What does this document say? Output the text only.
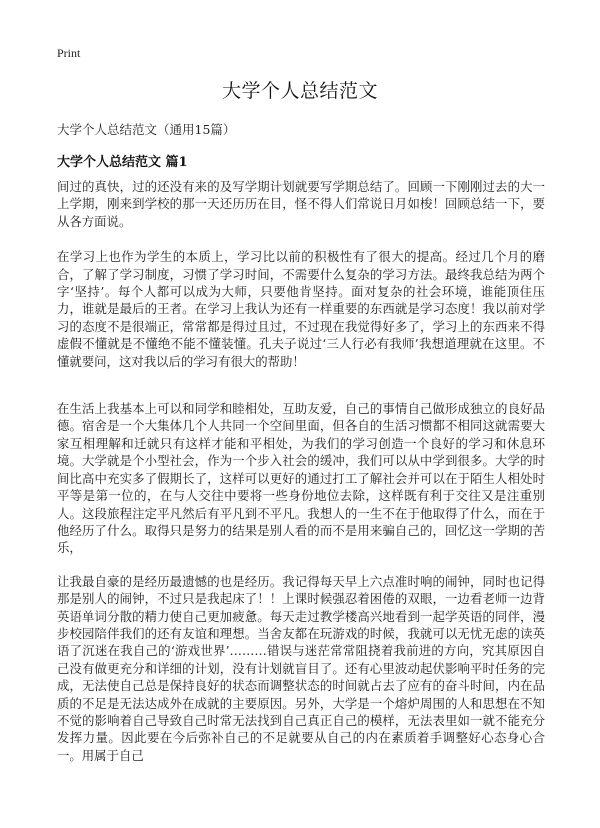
Print
大学个人总结范文
大学个人总结范文（通用15篇）
大学个人总结范文 篇1

间过的真快，过的还没有来的及写学期计划就要写学期总结了。回顾一下刚刚过去的大一上学期，刚来到学校的那一天还历历在目，怪不得人们常说日月如梭！回顾总结一下，要从各方面说。

在学习上也作为学生的本质上，学习比以前的积极性有了很大的提高。经过几个月的磨合，了解了学习制度，习惯了学习时间，不需要什么复杂的学习方法。最终我总结为两个字‘坚持’。每个人都可以成为大师，只要他肯坚持。面对复杂的社会环境，谁能顶住压力，谁就是最后的王者。在学习上我认为还有一样重要的东西就是学习态度！我以前对学习的态度不是很端正，常常都是得过且过，不过现在我觉得好多了，学习上的东西来不得虚假不懂就是不懂绝不能不懂装懂。孔夫子说过‘三人行必有我师’我想道理就在这里。不懂就要问，这对我以后的学习有很大的帮助！

在生活上我基本上可以和同学和睦相处，互助友爱，自己的事情自己做形成独立的良好品德。宿舍是一个大集体几个人共同一个空间里面，但各自的生活习惯都不相同这就需要大家互相理解和迁就只有这样才能和平相处，为我们的学习创造一个良好的学习和休息环境。大学就是个小型社会，作为一个步入社会的缓冲，我们可以从中学到很多。大学的时间比高中充实多了假期长了，这样可以更好的通过打工了解社会并可以在于陌生人相处时平等是第一位的，在与人交往中要将一些身份地位去除，这样既有利于交往又是注重别人。这段旅程注定平凡然后有平凡到不平凡。我想人的一生不在于他取得了什么，而在于他经历了什么。取得只是努力的结果是别人看的而不是用来骗自己的，回忆这一学期的苦乐，

让我最自豪的是经历最遗憾的也是经历。我记得每天早上六点准时响的闹钟，同时也记得那是别人的闹钟，不过只是我起床了！！上课时候强忍着困倦的双眼，一边看老师一边背英语单词分散的精力使自己更加疲惫。每天走过教学楼高兴地看到一起学英语的同伴，漫步校园陪伴我们的还有友谊和理想。当舍友都在玩游戏的时候，我就可以无忧无虑的读英语了沉迷在我自己的‘游戏世界’………错误与迷茫常常阻挠着我前进的方向，究其原因自己没有做更充分和详细的计划，没有计划就盲目了。还有心里波动起伏影响平时任务的完成，无法使自己总是保持良好的状态而调整状态的时间就占去了应有的奋斗时间，内在品质的不足是无法达成外在成就的主要原因。另外，大学是一个熔炉周围的人和思想在不知不觉的影响着自己导致自己时常无法找到自己真正自己的模样，无法表里如一就不能充分发挥力量。因此要在今后弥补自己的不足就要从自己的内在素质着手调整好心态身心合一。用属于自己
